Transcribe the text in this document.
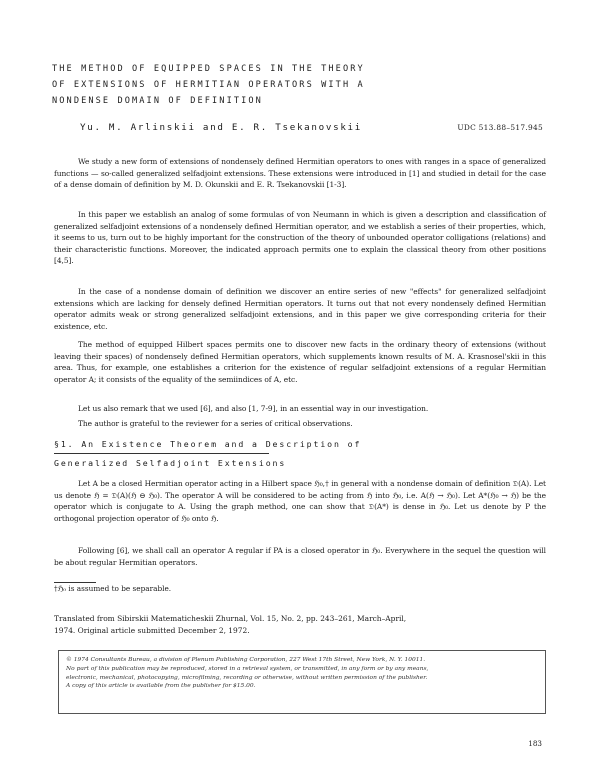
THE METHOD OF EQUIPPED SPACES IN THE THEORY
OF EXTENSIONS OF HERMITIAN OPERATORS WITH A
NONDENSE DOMAIN OF DEFINITION
Yu. M. Arlinskii and E. R. Tsekanovskii	UDC 513.88–517.945
We study a new form of extensions of nondensely defined Hermitian operators to ones with ranges in a space of generalized functions — so-called generalized selfadjoint extensions. These extensions were introduced in [1] and studied in detail for the case of a dense domain of definition by M. D. Okunskii and E. R. Tsekanovskii [1-3].
In this paper we establish an analog of some formulas of von Neumann in which is given a description and classification of generalized selfadjoint extensions of a nondensely defined Hermitian operator, and we establish a series of their properties, which, it seems to us, turn out to be highly important for the construction of the theory of unbounded operator colligations (relations) and their characteristic functions. Moreover, the indicated approach permits one to explain the classical theory from other positions [4,5].
In the case of a nondense domain of definition we discover an entire series of new "effects" for generalized selfadjoint extensions which are lacking for densely defined Hermitian operators. It turns out that not every nondensely defined Hermitian operator admits weak or strong generalized selfadjoint extensions, and in this paper we give corresponding criteria for their existence, etc.
The method of equipped Hilbert spaces permits one to discover new facts in the ordinary theory of extensions (without leaving their spaces) of nondensely defined Hermitian operators, which supplements known results of M. A. Krasnosel'skii in this area. Thus, for example, one establishes a criterion for the existence of regular selfadjoint extensions of a regular Hermitian operator A; it consists of the equality of the semiindices of A, etc.
Let us also remark that we used [6], and also [1, 7-9], in an essential way in our investigation.
The author is grateful to the reviewer for a series of critical observations.
§1. An Existence Theorem and a Description of
Generalized Selfadjoint Extensions
Let A be a closed Hermitian operator acting in a Hilbert space ℌ₀,† in general with a nondense domain of definition 𝔇(A). Let us denote ℌ = 𝔇(A)(ℌ ⊖ ℌ₀). The operator A will be considered to be acting from ℌ into ℌ₀, i.e. A(ℌ → ℌ₀). Let A*(ℌ₀ → ℌ) be the operator which is conjugate to A. Using the graph method, one can show that 𝔇(A*) is dense in ℌ₀. Let us denote by P the orthogonal projection operator of ℌ₀ onto ℌ.
Following [6], we shall call an operator A regular if PA is a closed operator in ℌ₀. Everywhere in the sequel the question will be about regular Hermitian operators.
†ℌ₀ is assumed to be separable.
Translated from Sibirskii Matematicheskii Zhurnal, Vol. 15, No. 2, pp. 243–261, March–April,
1974. Original article submitted December 2, 1972.
© 1974 Consultants Bureau, a division of Plenum Publishing Corporation, 227 West 17th Street, New York, N. Y. 10011.
No part of this publication may be reproduced, stored in a retrieval system, or transmitted, in any form or by any means,
electronic, mechanical, photocopying, microfilming, recording or otherwise, without written permission of the publisher.
A copy of this article is available from the publisher for $15.00.
183
